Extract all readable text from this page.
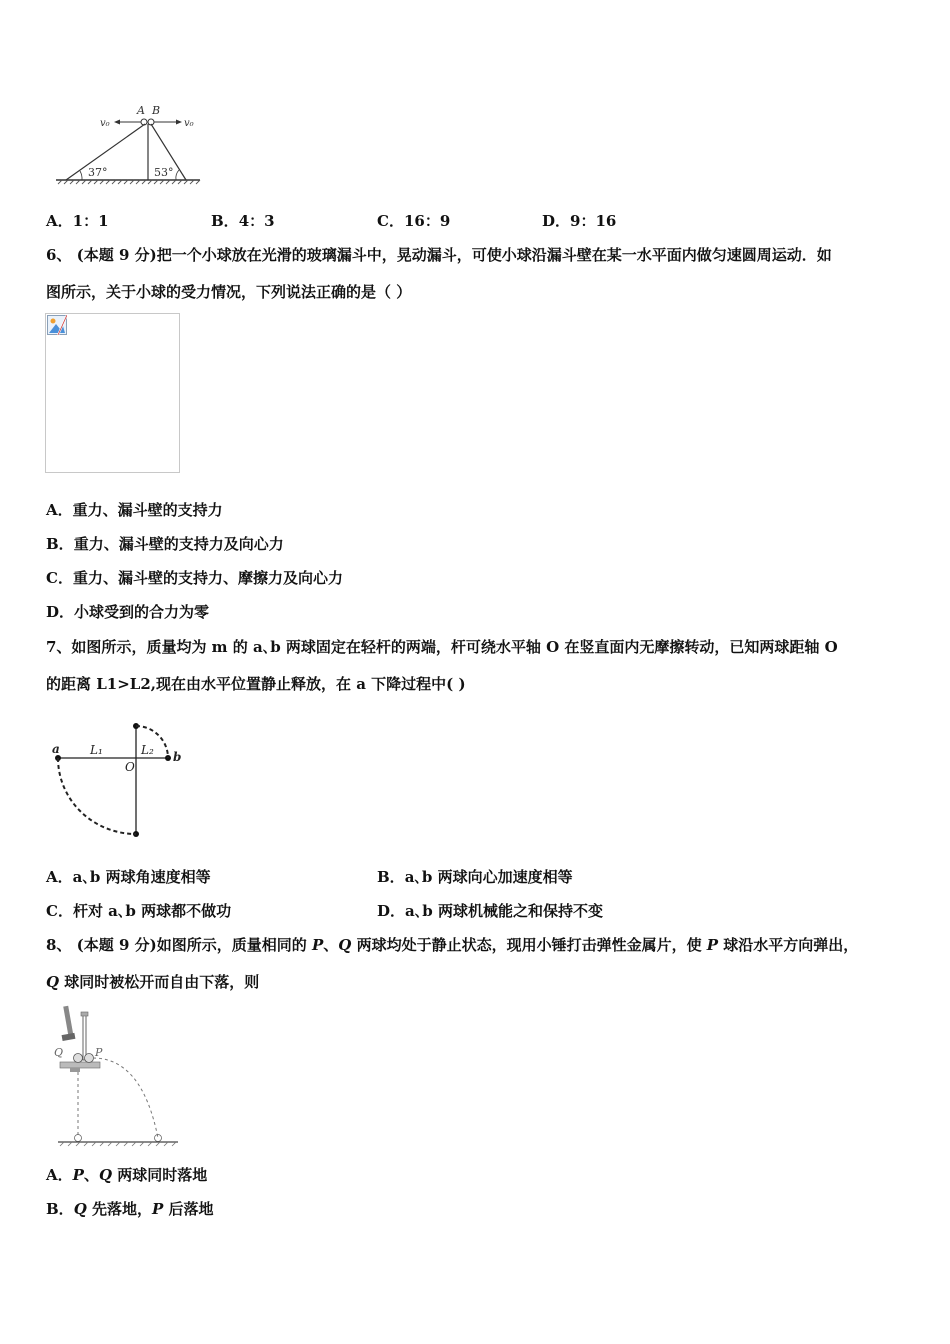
A B
v₀	v₀
37°	53°
A．1：1	B．4：3	C．16：9	D．9：16
6、 (本题 9 分)把一个小球放在光滑的玻璃漏斗中，晃动漏斗，可使小球沿漏斗壁在某一水平面内做匀速圆周运动．如
图所示，关于小球的受力情况，下列说法正确的是（ ）
A．重力、漏斗壁的支持力
B．重力、漏斗壁的支持力及向心力
C．重力、漏斗壁的支持力、摩擦力及向心力
D．小球受到的合力为零
7、如图所示，质量均为 m 的 a､b 两球固定在轻杆的两端，杆可绕水平轴 O 在竖直面内无摩擦转动，已知两球距轴 O
的距离 L1>L2,现在由水平位置静止释放，在 a 下降过程中( )
a
b
O
L₁	L₂
A．a､b 两球角速度相等	B．a､b 两球向心加速度相等
C．杆对 a､b 两球都不做功	D．a､b 两球机械能之和保持不变
8、 (本题 9 分)如图所示，质量相同的 P、Q 两球均处于静止状态，现用小锤打击弹性金属片，使 P 球沿水平方向弹出，
Q 球同时被松开而自由下落，则
Q	P
A．P、Q 两球同时落地
B．Q 先落地，P 后落地
